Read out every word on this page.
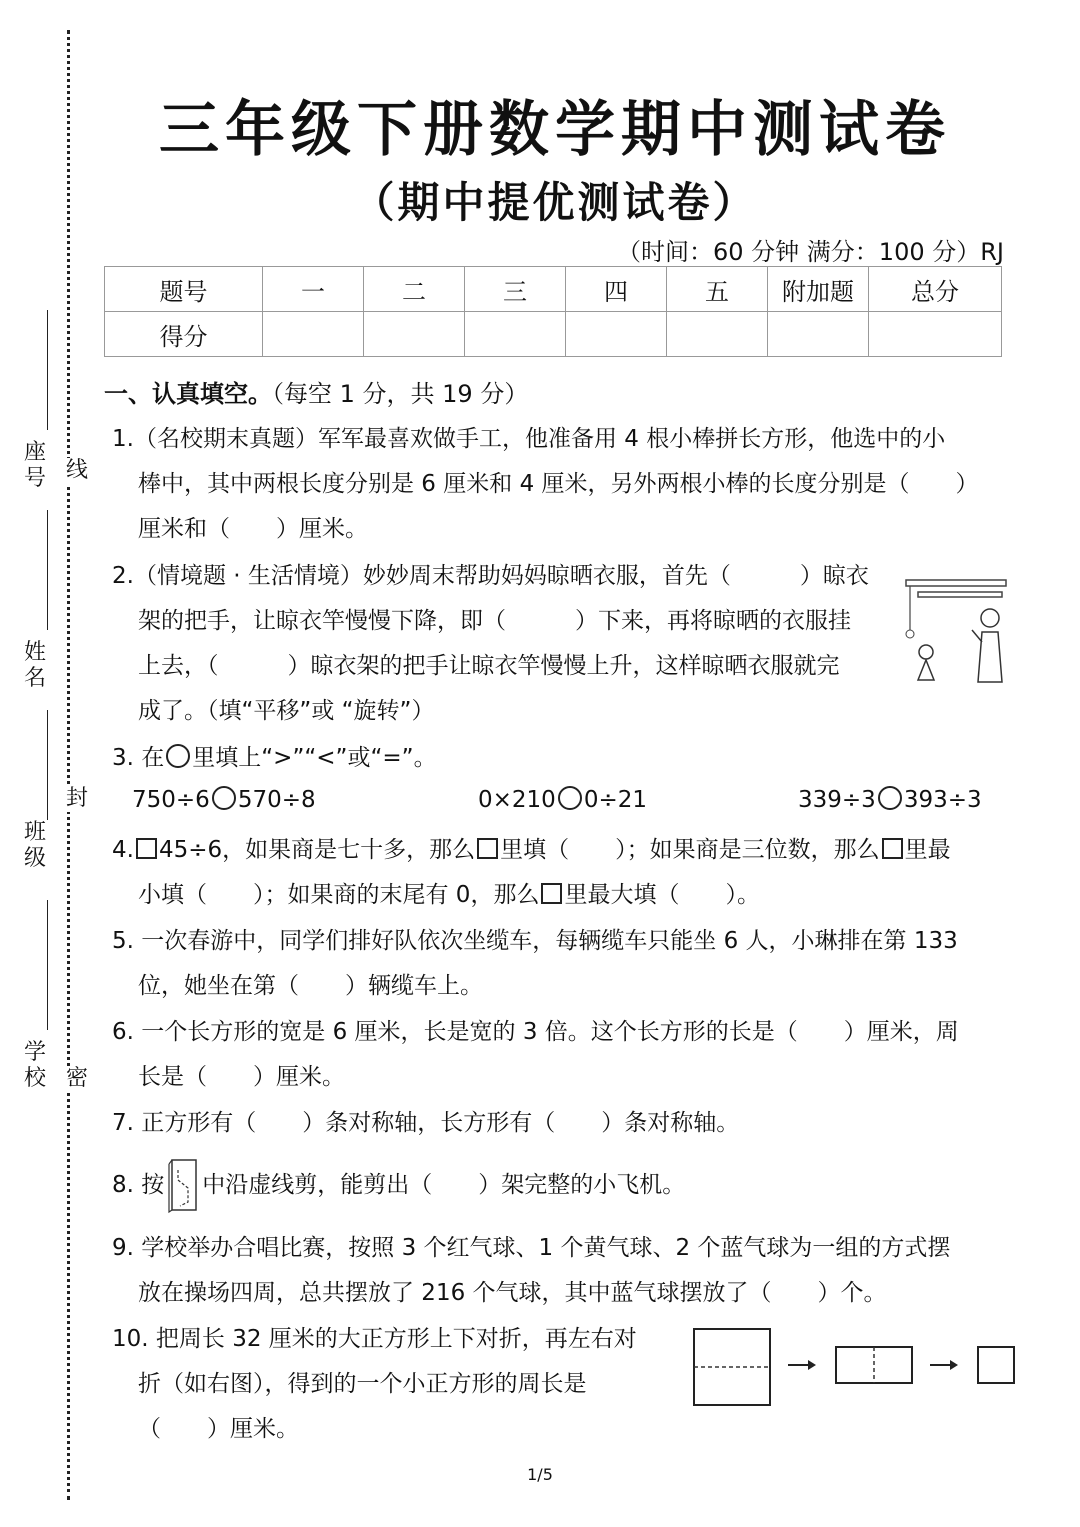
座号
姓名
班级
学校
线
封
密
三年级下册数学期中测试卷
（期中提优测试卷）
（时间：60 分钟 满分：100 分）RJ
题号	一	二	三	四	五	附加题	总分
得分							
一、认真填空。（每空 1 分，共 19 分）
1.（名校期末真题）军军最喜欢做手工，他准备用 4 根小棒拼长方形，他选中的小
棒中，其中两根长度分别是 6 厘米和 4 厘米，另外两根小棒的长度分别是（　　）
厘米和（　　）厘米。
2.（情境题 · 生活情境）妙妙周末帮助妈妈晾晒衣服，首先（　　　）晾衣
架的把手，让晾衣竿慢慢下降，即（　　　）下来，再将晾晒的衣服挂
上去，（　　　）晾衣架的把手让晾衣竿慢慢上升，这样晾晒衣服就完
成了。（填“平移”或 “旋转”）
3. 在 里填上“>”“<”或“=”。
750÷6 570÷8	0×210 0÷21	339÷3 393÷3
4. 45÷6，如果商是七十多，那么 里填（　　）；如果商是三位数，那么 里最
小填（　　）；如果商的末尾有 0，那么 里最大填（　　）。
5. 一次春游中，同学们排好队依次坐缆车，每辆缆车只能坐 6 人，小琳排在第 133
位，她坐在第（　　）辆缆车上。
6. 一个长方形的宽是 6 厘米，长是宽的 3 倍。这个长方形的长是（　　）厘米，周
长是（　　）厘米。
7. 正方形有（　　）条对称轴，长方形有（　　）条对称轴。
8. 按 中沿虚线剪，能剪出（　　）架完整的小飞机。
9. 学校举办合唱比赛，按照 3 个红气球、1 个黄气球、2 个蓝气球为一组的方式摆
放在操场四周，总共摆放了 216 个气球，其中蓝气球摆放了（　　）个。
10. 把周长 32 厘米的大正方形上下对折，再左右对
折（如右图），得到的一个小正方形的周长是
（　　）厘米。
1/5
